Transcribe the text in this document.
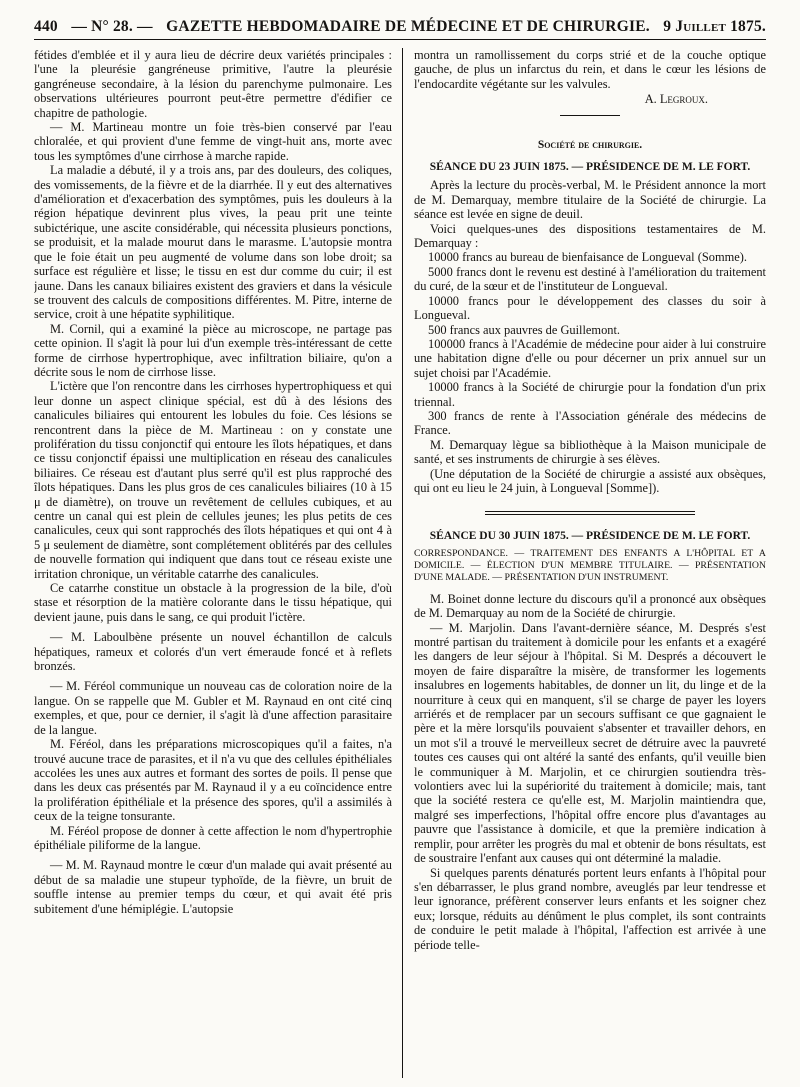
440 — N° 28. — GAZETTE HEBDOMADAIRE DE MÉDECINE ET DE CHIRURGIE. 9 Juillet 1875.

fétides d'emblée et il y aura lieu de décrire deux variétés principales : l'une la pleurésie gangréneuse primitive, l'autre la pleurésie gangréneuse secondaire, à la lésion du parenchyme pulmonaire. Les observations ultérieures pourront peut-être permettre d'édifier ce chapitre de pathologie.

— M. Martineau montre un foie très-bien conservé par l'eau chloralée, et qui provient d'une femme de vingt-huit ans, morte avec tous les symptômes d'une cirrhose à marche rapide.

La maladie a débuté, il y a trois ans, par des douleurs, des coliques, des vomissements, de la fièvre et de la diarrhée. Il y eut des alternatives d'amélioration et d'exacerbation des symptômes, puis les douleurs à la région hépatique devinrent plus vives, la peau prit une teinte subictérique, une ascite considérable, qui nécessita plusieurs ponctions, se produisit, et la malade mourut dans le marasme. L'autopsie montra que le foie était un peu augmenté de volume dans son lobe droit; sa surface est régulière et lisse; le tissu en est dur comme du cuir; il est jaune. Dans les canaux biliaires existent des graviers et dans la vésicule se trouvent des calculs de compositions différentes. M. Pitre, interne de service, croit à une hépatite syphilitique.

M. Cornil, qui a examiné la pièce au microscope, ne partage pas cette opinion. Il s'agit là pour lui d'un exemple très-intéressant de cette forme de cirrhose hypertrophique, avec infiltration biliaire, qu'on a décrite sous le nom de cirrhose lisse.

L'ictère que l'on rencontre dans les cirrhoses hypertrophiquess et qui leur donne un aspect clinique spécial, est dû à des lésions des canalicules biliaires qui entourent les lobules du foie. Ces lésions se rencontrent dans la pièce de M. Martineau : on y constate une prolifération du tissu conjonctif qui entoure les îlots hépatiques, et dans ce tissu conjonctif épaissi une multiplication en réseau des canalicules biliaires. Ce réseau est d'autant plus serré qu'il est plus rapproché des îlots hépatiques. Dans les plus gros de ces canalicules biliaires (10 à 15 μ de diamètre), on trouve un revêtement de cellules cubiques, et au centre un canal qui est plein de cellules jeunes; les plus petits de ces canalicules, ceux qui sont rapprochés des îlots hépatiques et qui ont 4 à 5 μ seulement de diamètre, sont complétement oblitérés par des cellules de nouvelle formation qui indiquent que dans tout ce réseau existe une irritation chronique, un véritable catarrhe des canalicules.

Ce catarrhe constitue un obstacle à la progression de la bile, d'où stase et résorption de la matière colorante dans le tissu hépatique, qui devient jaune, puis dans le sang, ce qui produit l'ictère.

— M. Laboulbène présente un nouvel échantillon de calculs hépatiques, rameux et colorés d'un vert émeraude foncé et à reflets bronzés.

— M. Féréol communique un nouveau cas de coloration noire de la langue. On se rappelle que M. Gubler et M. Raynaud en ont cité cinq exemples, et que, pour ce dernier, il s'agit là d'une affection parasitaire de la langue.

M. Féréol, dans les préparations microscopiques qu'il a faites, n'a trouvé aucune trace de parasites, et il n'a vu que des cellules épithéliales accolées les unes aux autres et formant des sortes de poils. Il pense que dans les deux cas présentés par M. Raynaud il y a eu coïncidence entre la prolifération épithéliale et la présence des spores, qu'il a assimilés à ceux de la teigne tonsurante.

M. Féréol propose de donner à cette affection le nom d'hypertrophie épithéliale piliforme de la langue.

— M. M. Raynaud montre le cœur d'un malade qui avait présenté au début de sa maladie une stupeur typhoïde, de la fièvre, un bruit de souffle intense au premier temps du cœur, et qui avait été pris subitement d'une hémiplégie. L'autopsie

montra un ramollissement du corps strié et de la couche optique gauche, de plus un infarctus du rein, et dans le cœur les lésions de l'endocardite végétante sur les valvules.

A. Legroux.

Société de chirurgie.
SÉANCE DU 23 JUIN 1875. — PRÉSIDENCE DE M. LE FORT.

Après la lecture du procès-verbal, M. le Président annonce la mort de M. Demarquay, membre titulaire de la Société de chirurgie. La séance est levée en signe de deuil.

Voici quelques-unes des dispositions testamentaires de M. Demarquay :

10000 francs au bureau de bienfaisance de Longueval (Somme).

5000 francs dont le revenu est destiné à l'amélioration du traitement du curé, de la sœur et de l'instituteur de Longueval.

10000 francs pour le développement des classes du soir à Longueval.

500 francs aux pauvres de Guillemont.

100000 francs à l'Académie de médecine pour aider à lui construire une habitation digne d'elle ou pour décerner un prix annuel sur un sujet choisi par l'Académie.

10000 francs à la Société de chirurgie pour la fondation d'un prix triennal.

300 francs de rente à l'Association générale des médecins de France.

M. Demarquay lègue sa bibliothèque à la Maison municipale de santé, et ses instruments de chirurgie à ses élèves.

(Une députation de la Société de chirurgie a assisté aux obsèques, qui ont eu lieu le 24 juin, à Longueval [Somme]).

SÉANCE DU 30 JUIN 1875. — PRÉSIDENCE DE M. LE FORT.

CORRESPONDANCE. — TRAITEMENT DES ENFANTS A L'HÔPITAL ET A DOMICILE. — ÉLECTION D'UN MEMBRE TITULAIRE. — PRÉSENTATION D'UNE MALADE. — PRÉSENTATION D'UN INSTRUMENT.

M. Boinet donne lecture du discours qu'il a prononcé aux obsèques de M. Demarquay au nom de la Société de chirurgie.

— M. Marjolin. Dans l'avant-dernière séance, M. Després s'est montré partisan du traitement à domicile pour les enfants et a exagéré les dangers de leur séjour à l'hôpital. Si M. Després a découvert le moyen de faire disparaître la misère, de transformer les logements insalubres en logements habitables, de donner un lit, du linge et de la nourriture à ceux qui en manquent, s'il se charge de payer les loyers arriérés et de remplacer par un secours suffisant ce que gagnaient le père et la mère lorsqu'ils pouvaient s'absenter et travailler dehors, en un mot s'il a trouvé le merveilleux secret de détruire avec la pauvreté toutes ces causes qui ont altéré la santé des enfants, qu'il veuille bien le communiquer à M. Marjolin, et ce chirurgien soutiendra très-volontiers avec lui la supériorité du traitement à domicile; mais, tant que la société restera ce qu'elle est, M. Marjolin maintiendra que, malgré ses imperfections, l'hôpital offre encore plus d'avantages au pauvre que l'assistance à domicile, et que la première indication à remplir, pour arrêter les progrès du mal et obtenir de bons résultats, est de soustraire l'enfant aux causes qui ont déterminé la maladie.

Si quelques parents dénaturés portent leurs enfants à l'hôpital pour s'en débarrasser, le plus grand nombre, aveuglés par leur tendresse et leur ignorance, préfèrent conserver leurs enfants et les soigner chez eux; lorsque, réduits au dénûment le plus complet, ils sont contraints de conduire le petit malade à l'hôpital, l'affection est arrivée à une période telle-
